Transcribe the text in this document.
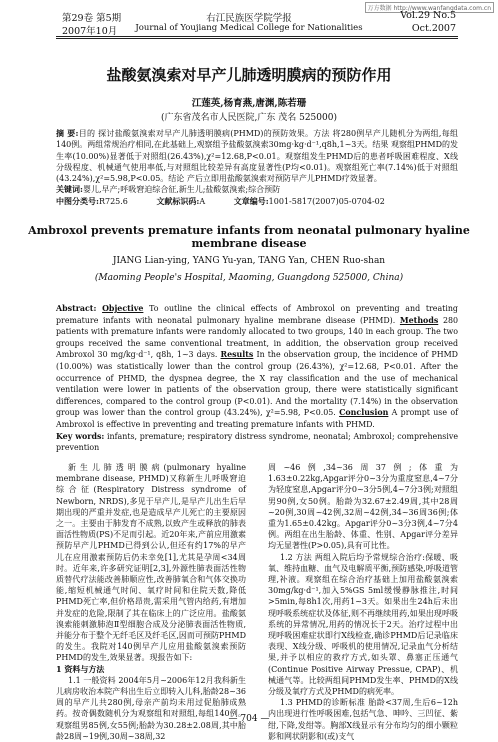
万方数据 http://www.wanfangdata.com.cn
第29卷 第5期
2007年10月
右江民族医学院学报
Journal of Youjiang Medical College for Nationalities
Vol.29 No.5
Oct.2007
盐酸氨溴索对早产儿肺透明膜病的预防作用
江莲英,杨育燕,唐渊,陈若珊
(广东省茂名市人民医院,广东 茂名 525000)
摘 要:目的 探讨盐酸氨溴索对早产儿肺透明膜病(PHMD)的预防效果。方法 将280例早产儿随机分为两组,每组140例。两组常规治疗相同,在此基础上,观察组予盐酸氨溴索30mg·kg·d⁻¹,q8h,1~3天。结果 观察组PHMD的发生率(10.00%)显著低于对照组(26.43%),χ²=12.68,P<0.01。观察组发生PHMD后的患者呼吸困难程度、X线分级程度、机械通气使用率低,与对照组比较差异有高度显著性(P均<0.01)。观察组死亡率(7.14%)低于对照组(43.24%),χ²=5.98,P<0.05。结论 产后立即用盐酸氨溴索对预防早产儿PHMD疗效显著。
关键词:婴儿,早产;呼吸窘迫综合征,新生儿;盐酸氨溴索;综合预防
中图分类号:R725.6	文献标识码:A	文章编号:1001-5817(2007)05-0704-02
Ambroxol prevents premature infants from neonatal pulmonary hyaline membrane disease
JIANG Lian-ying, YANG Yu-yan, TANG Yan, CHEN Ruo-shan
(Maoming People's Hospital, Maoming, Guangdong 525000, China)
Abstract: Objective To outline the clinical effects of Ambroxol on preventing and treating premature infants with neonatal pulmonary hyaline membrane disease (PHMD). Methods 280 patients with premature infants were randomly allocated to two groups, 140 in each group. The two groups received the same conventional treatment, in addition, the observation group received Ambroxol 30 mg/kg·d⁻¹, q8h, 1~3 days. Results In the observation group, the incidence of PHMD (10.00%) was statistically lower than the control group (26.43%), χ²=12.68, P<0.01. After the occurrence of PHMD, the dyspnea degree, the X ray classification and the use of mechanical ventilation were lower in patients of the observation group, there were statistically significant differences, compared to the control group (P<0.01). And the mortality (7.14%) in the observation group was lower than the control group (43.24%), χ²=5.98, P<0.05. Conclusion A prompt use of Ambroxol is effective in preventing and treating premature infants with PHMD.
Key words: infants, premature; respiratory distress syndrome, neonatal; Ambroxol; comprehensive prevention

新生儿肺透明膜病(pulmonary hyaline membrane disease, PHMD)又称新生儿呼吸窘迫综合征(Respiratory Distress syndrome of Newborn, NRDS),多见于早产儿,是早产儿出生后早期出现的严重并发症,也是造成早产儿死亡的主要原因之一。主要由于肺发育不成熟,以致产生或释放的肺表面活性物质(PS)不足而引起。近20年来,产前应用激素预防早产儿PHMD已得到公认,但还有约17%的早产儿在应用激素预防后仍未幸免[1],尤其是孕周<34周时。近年来,许多研究证明[2,3],外源性肺表面活性物质替代疗法能改善肺顺应性,改善肺氧合和气体交换功能,缩短机械通气时间、氧疗时间和住院天数,降低PHMD死亡率,但价格昂贵,需采用气管内给药,有增加并发症的危险,限制了其在临床上的广泛应用。盐酸氨溴索能刺激肺泡Ⅱ型细胞合成及分泌肺表面活性物质,并能分布于整个无纤毛区及纤毛区,因而可预防PHMD的发生。我院对140例早产儿应用盐酸氨溴索预防PHMD的发生,效果显著。现报告如下:

1 资料与方法

1.1 一般资料 2004年5月~2006年12月我科新生儿病房收治本院产科出生后立即转入儿科,胎龄28~36周的早产儿共280例,母亲产前均未用过促胎肺成熟药。按奇偶数随机分为观察组和对照组,每组140例。观察组男85例,女55例;胎龄为30.28±2.08周,其中胎龄28周~19例,30周~38周,32

周~46例,34~36周37例;体重为1.63±0.22kg,Apgar评分0~3分为重度窒息,4~7分为轻度窒息,Apgar评分0~3分5例,4~7分3例;对照组男90例,女50例。胎龄为32.67±2.49周,其中28周~20例,30周~42例,32周~42例,34~36周36例;体重为1.65±0.42kg。Apgar评分0~3分3例,4~7分4例。两组在出生胎龄、体重、性别、Apgar评分差异均无显著性(P>0.05),具有可比性。

1.2 方法 两组入院后均予常规综合治疗:保暖、吸氧、维持血糖、血气及电解质平衡,预防感染,呼吸道管理,补液。观察组在综合治疗基础上加用盐酸氨溴索30mg/kg·d⁻¹,加入5%GS 5ml缓慢静脉推注,时间>5min,每8h1次,用药1~3天。如果出生24h后未出现呼吸系统症状及体征,则不再继续用药,如果出现呼吸系统的异常情况,用药的情况长于2天。治疗过程中出现呼吸困难症状即行X线检查,确诊PHMD后记录临床表现、X线分级、呼吸机的使用情况,记录血气分析结果,并予以相应的救疗方式,如头罩、鼻塞正压通气(Continue Positive Airway Pressue, CPAP)、机械通气等。比较两组间PHMD发生率、PHMD的X线分级及氧疗方式及PHMD的病死率。

1.3 PHMD的诊断标准 胎龄<37周,生后6~12h内出现进行性呼吸困难,包括气急、呻吟、三凹征、紫绀,下降,发绀等。胸部X线显示有分布均匀的细小颗粒影和网状阴影和(或)支气

— 704 —
